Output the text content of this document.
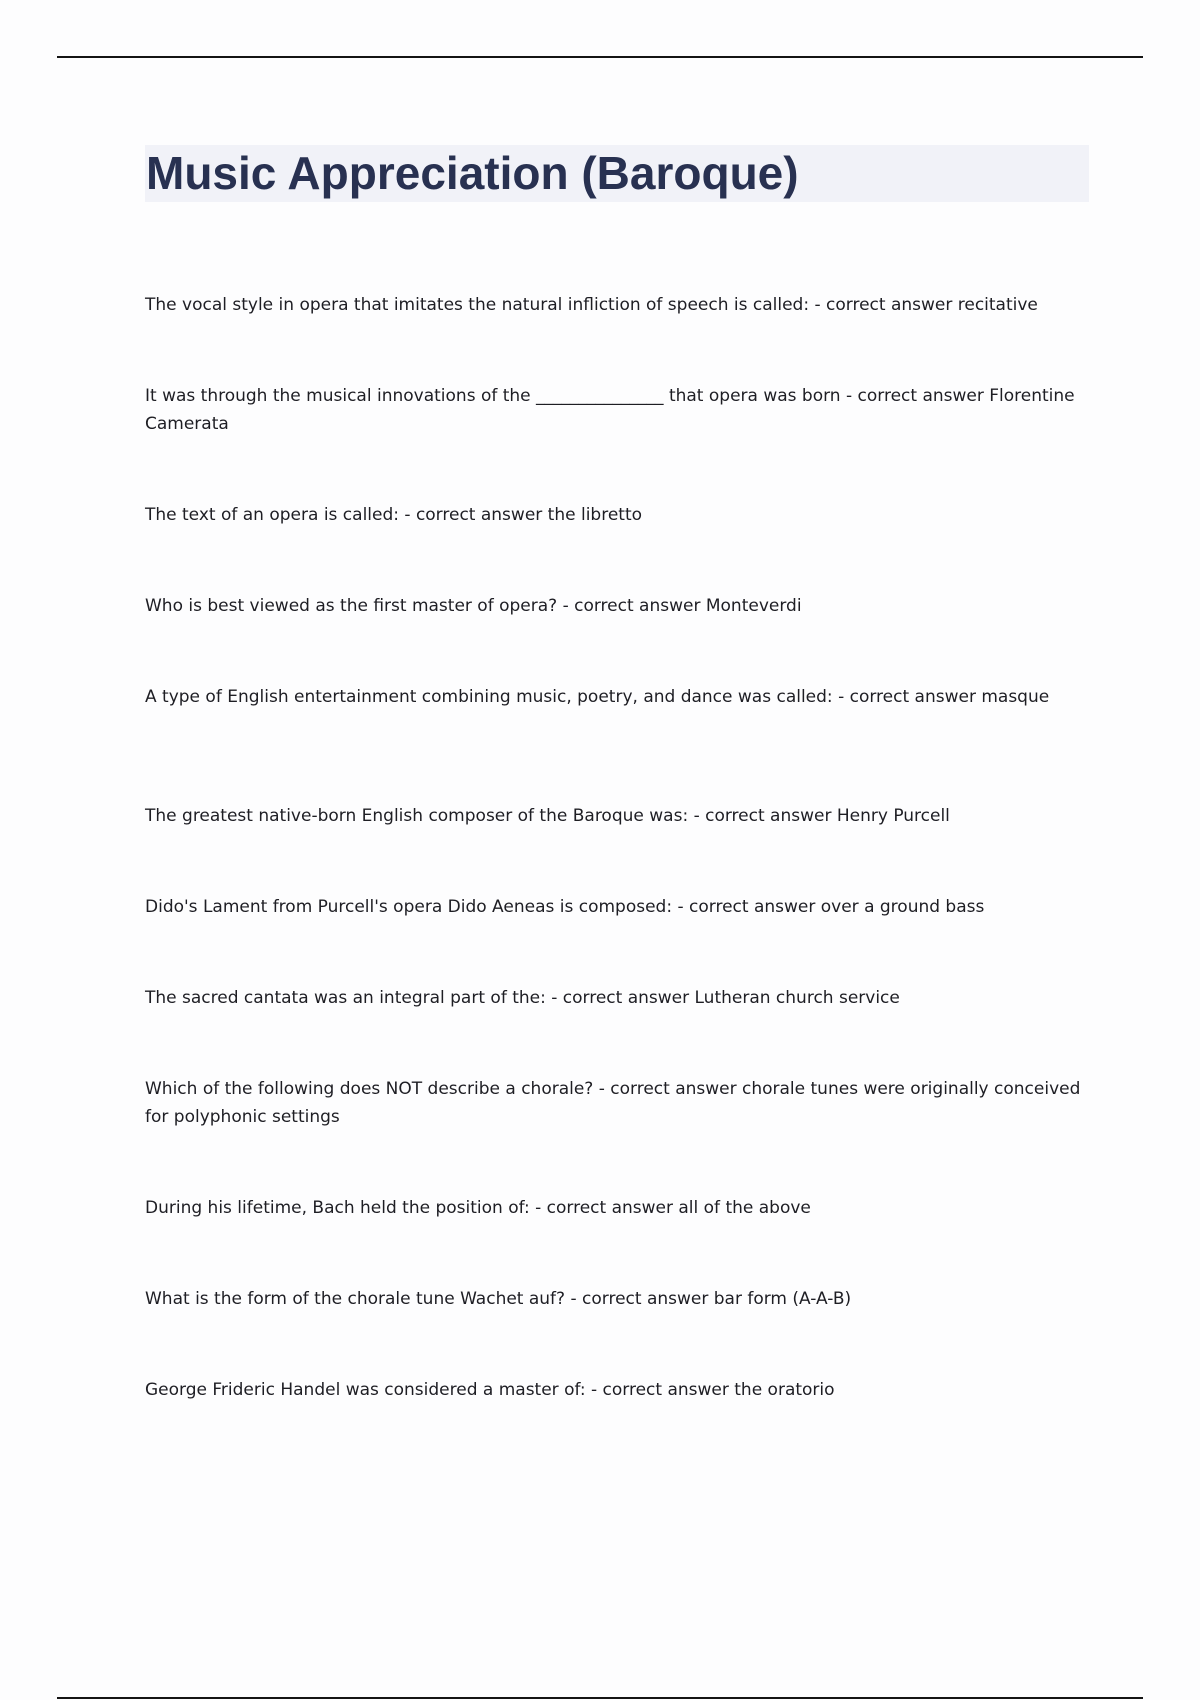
Music Appreciation (Baroque)
The vocal style in opera that imitates the natural infliction of speech is called: - correct answer recitative
It was through the musical innovations of the _______________ that opera was born - correct answer Florentine Camerata
The text of an opera is called: - correct answer the libretto
Who is best viewed as the first master of opera? - correct answer Monteverdi
A type of English entertainment combining music, poetry, and dance was called: - correct answer masque
The greatest native-born English composer of the Baroque was: - correct answer Henry Purcell
Dido's Lament from Purcell's opera Dido Aeneas is composed: - correct answer over a ground bass
The sacred cantata was an integral part of the: - correct answer Lutheran church service
Which of the following does NOT describe a chorale? - correct answer chorale tunes were originally conceived for polyphonic settings
During his lifetime, Bach held the position of: - correct answer all of the above
What is the form of the chorale tune Wachet auf? - correct answer bar form (A-A-B)
George Frideric Handel was considered a master of: - correct answer the oratorio
